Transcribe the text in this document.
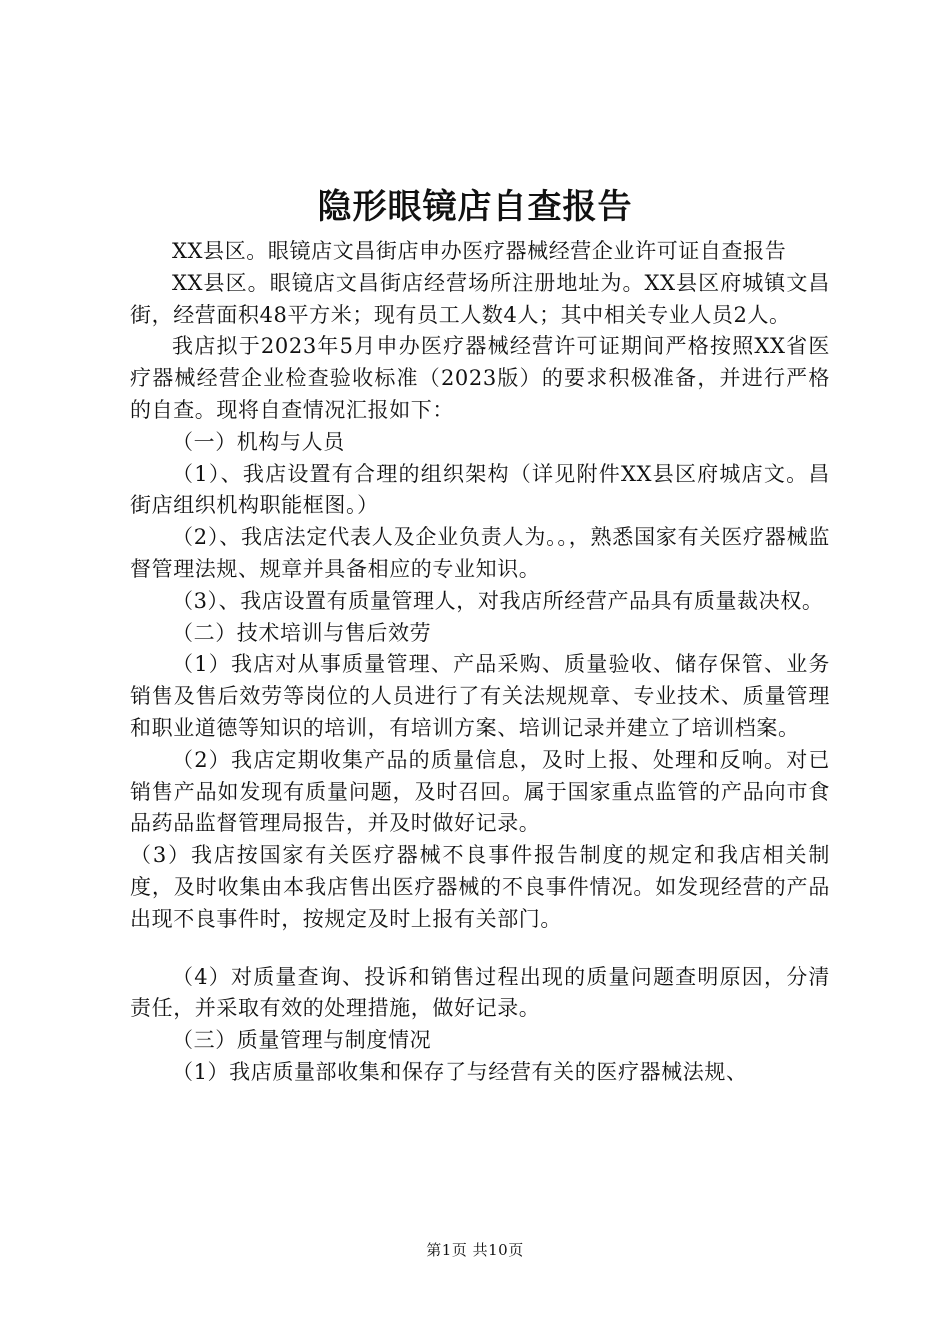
隐形眼镜店自查报告

XX县区。眼镜店文昌街店申办医疗器械经营企业许可证自查报告

XX县区。眼镜店文昌街店经营场所注册地址为。XX县区府城镇文昌街，经营面积48平方米；现有员工人数4人；其中相关专业人员2人。

我店拟于2023年5月申办医疗器械经营许可证期间严格按照XX省医疗器械经营企业检查验收标准（2023版）的要求积极准备，并进行严格的自查。现将自查情况汇报如下：

（一）机构与人员

（1）、我店设置有合理的组织架构（详见附件XX县区府城店文。昌街店组织机构职能框图。）

（2）、我店法定代表人及企业负责人为。。，熟悉国家有关医疗器械监督管理法规、规章并具备相应的专业知识。

（3）、我店设置有质量管理人，对我店所经营产品具有质量裁决权。

（二）技术培训与售后效劳

（1）我店对从事质量管理、产品采购、质量验收、储存保管、业务销售及售后效劳等岗位的人员进行了有关法规规章、专业技术、质量管理和职业道德等知识的培训，有培训方案、培训记录并建立了培训档案。

（2）我店定期收集产品的质量信息，及时上报、处理和反响。对已销售产品如发现有质量问题，及时召回。属于国家重点监管的产品向市食品药品监督管理局报告，并及时做好记录。

（3）我店按国家有关医疗器械不良事件报告制度的规定和我店相关制度，及时收集由本我店售出医疗器械的不良事件情况。如发现经营的产品出现不良事件时，按规定及时上报有关部门。

（4）对质量查询、投诉和销售过程出现的质量问题查明原因，分清责任，并采取有效的处理措施，做好记录。

（三）质量管理与制度情况

（1）我店质量部收集和保存了与经营有关的医疗器械法规、

第1页 共10页
